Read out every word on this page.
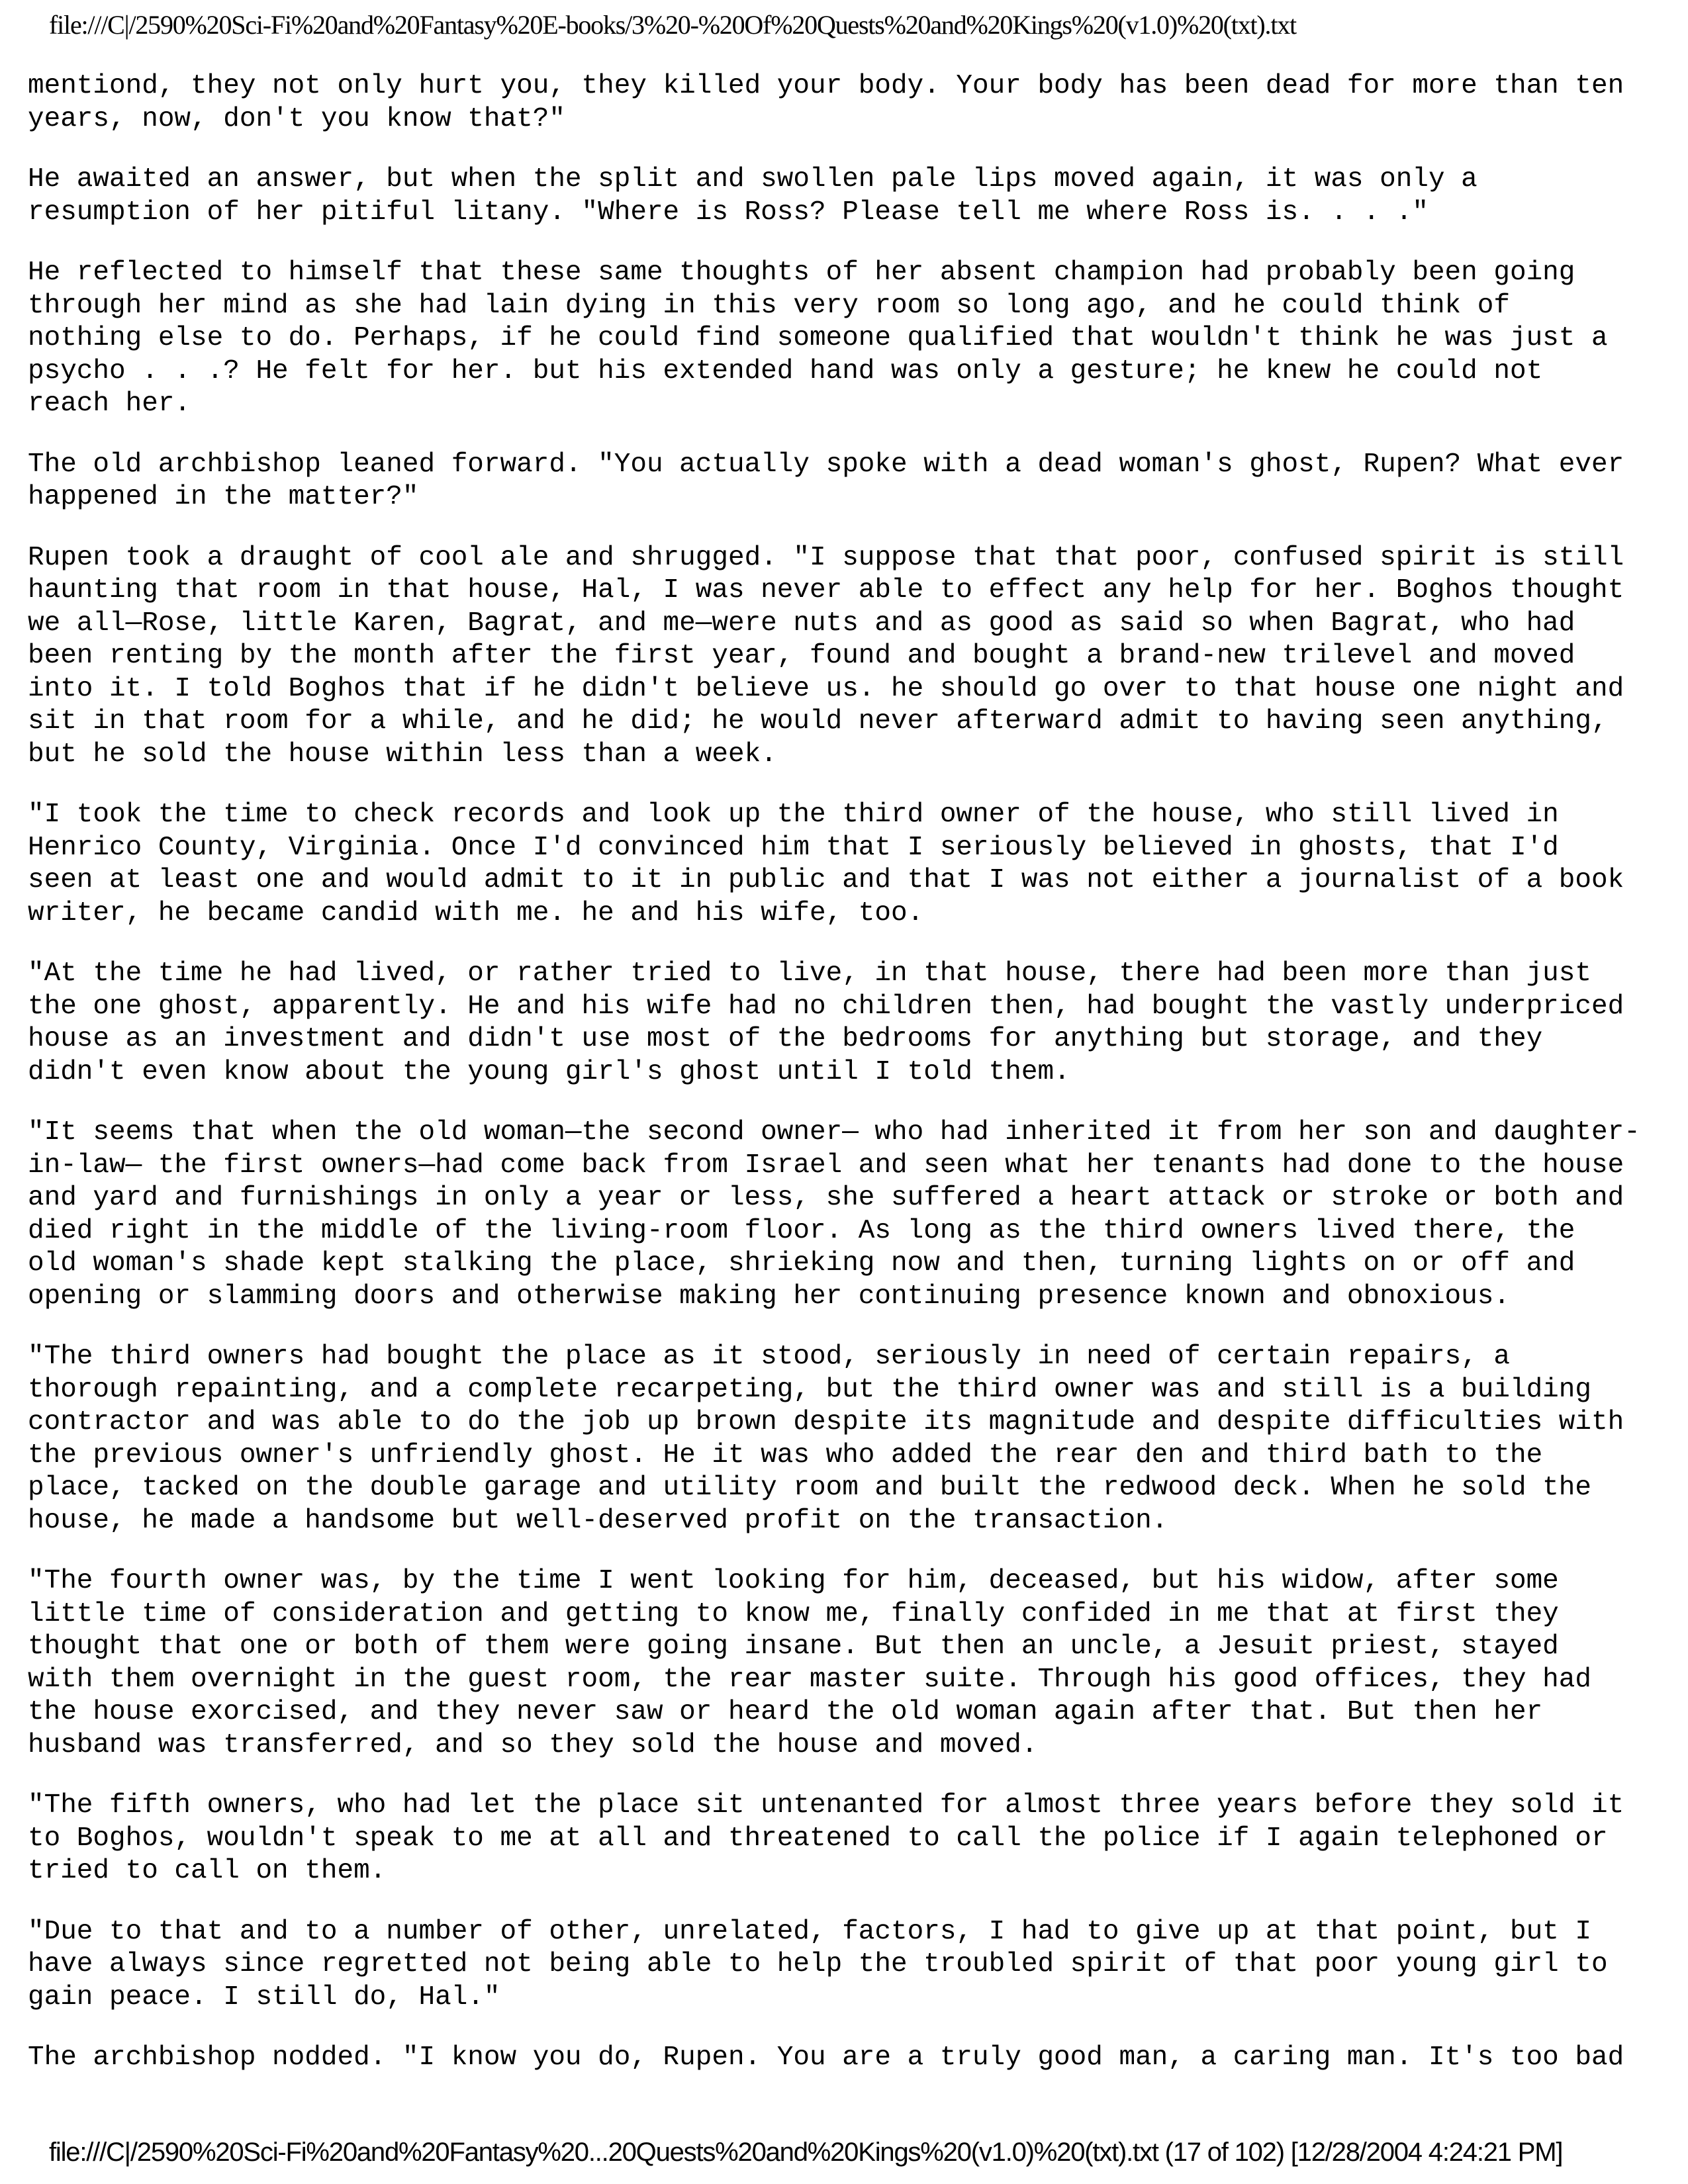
file:///C|/2590%20Sci-Fi%20and%20Fantasy%20E-books/3%20-%20Of%20Quests%20and%20Kings%20(v1.0)%20(txt).txt

mentiond, they not only hurt you, they killed your body. Your body has been dead for more than ten
years, now, don't you know that?"

He awaited an answer, but when the split and swollen pale lips moved again, it was only a
resumption of her pitiful litany. "Where is Ross? Please tell me where Ross is. . . ."

He reflected to himself that these same thoughts of her absent champion had probably been going
through her mind as she had lain dying in this very room so long ago, and he could think of
nothing else to do. Perhaps, if he could find someone qualified that wouldn't think he was just a
psycho . . .? He felt for her. but his extended hand was only a gesture; he knew he could not
reach her.

The old archbishop leaned forward. "You actually spoke with a dead woman's ghost, Rupen? What ever
happened in the matter?"

Rupen took a draught of cool ale and shrugged. "I suppose that that poor, confused spirit is still
haunting that room in that house, Hal, I was never able to effect any help for her. Boghos thought
we all—Rose, little Karen, Bagrat, and me—were nuts and as good as said so when Bagrat, who had
been renting by the month after the first year, found and bought a brand-new trilevel and moved
into it. I told Boghos that if he didn't believe us. he should go over to that house one night and
sit in that room for a while, and he did; he would never afterward admit to having seen anything,
but he sold the house within less than a week.

"I took the time to check records and look up the third owner of the house, who still lived in
Henrico County, Virginia. Once I'd convinced him that I seriously believed in ghosts, that I'd
seen at least one and would admit to it in public and that I was not either a journalist of a book
writer, he became candid with me. he and his wife, too.

"At the time he had lived, or rather tried to live, in that house, there had been more than just
the one ghost, apparently. He and his wife had no children then, had bought the vastly underpriced
house as an investment and didn't use most of the bedrooms for anything but storage, and they
didn't even know about the young girl's ghost until I told them.

"It seems that when the old woman—the second owner— who had inherited it from her son and daughter-
in-law— the first owners—had come back from Israel and seen what her tenants had done to the house
and yard and furnishings in only a year or less, she suffered a heart attack or stroke or both and
died right in the middle of the living-room floor. As long as the third owners lived there, the
old woman's shade kept stalking the place, shrieking now and then, turning lights on or off and
opening or slamming doors and otherwise making her continuing presence known and obnoxious.

"The third owners had bought the place as it stood, seriously in need of certain repairs, a
thorough repainting, and a complete recarpeting, but the third owner was and still is a building
contractor and was able to do the job up brown despite its magnitude and despite difficulties with
the previous owner's unfriendly ghost. He it was who added the rear den and third bath to the
place, tacked on the double garage and utility room and built the redwood deck. When he sold the
house, he made a handsome but well-deserved profit on the transaction.

"The fourth owner was, by the time I went looking for him, deceased, but his widow, after some
little time of consideration and getting to know me, finally confided in me that at first they
thought that one or both of them were going insane. But then an uncle, a Jesuit priest, stayed
with them overnight in the guest room, the rear master suite. Through his good offices, they had
the house exorcised, and they never saw or heard the old woman again after that. But then her
husband was transferred, and so they sold the house and moved.

"The fifth owners, who had let the place sit untenanted for almost three years before they sold it
to Boghos, wouldn't speak to me at all and threatened to call the police if I again telephoned or
tried to call on them.

"Due to that and to a number of other, unrelated, factors, I had to give up at that point, but I
have always since regretted not being able to help the troubled spirit of that poor young girl to
gain peace. I still do, Hal."

The archbishop nodded. "I know you do, Rupen. You are a truly good man, a caring man. It's too bad

file:///C|/2590%20Sci-Fi%20and%20Fantasy%20...20Quests%20and%20Kings%20(v1.0)%20(txt).txt (17 of 102) [12/28/2004 4:24:21 PM]
